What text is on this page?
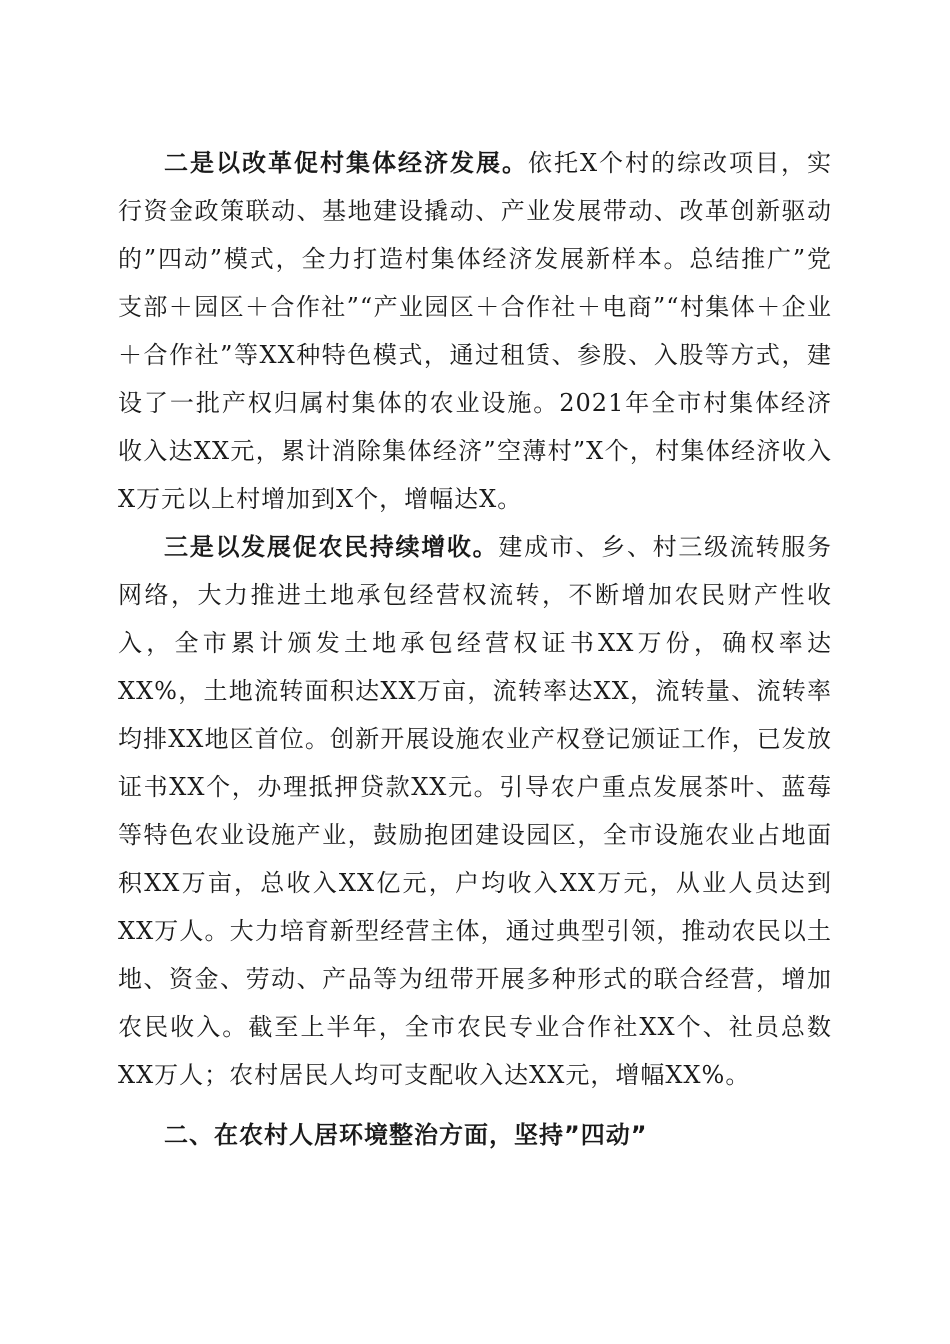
二是以改革促村集体经济发展。依托X个村的综改项目，实行资金政策联动、基地建设撬动、产业发展带动、改革创新驱动的”四动”模式，全力打造村集体经济发展新样本。总结推广”党支部＋园区＋合作社”“产业园区＋合作社＋电商”“村集体＋企业＋合作社”等XX种特色模式，通过租赁、参股、入股等方式，建设了一批产权归属村集体的农业设施。2021年全市村集体经济收入达XX元，累计消除集体经济”空薄村”X个，村集体经济收入X万元以上村增加到X个，增幅达X。

三是以发展促农民持续增收。建成市、乡、村三级流转服务网络，大力推进土地承包经营权流转，不断增加农民财产性收入，全市累计颁发土地承包经营权证书XX万份，确权率达XX%，土地流转面积达XX万亩，流转率达XX，流转量、流转率均排XX地区首位。创新开展设施农业产权登记颁证工作，已发放证书XX个，办理抵押贷款XX元。引导农户重点发展茶叶、蓝莓等特色农业设施产业，鼓励抱团建设园区，全市设施农业占地面积XX万亩，总收入XX亿元，户均收入XX万元，从业人员达到XX万人。大力培育新型经营主体，通过典型引领，推动农民以土地、资金、劳动、产品等为纽带开展多种形式的联合经营，增加农民收入。截至上半年，全市农民专业合作社XX个、社员总数XX万人；农村居民人均可支配收入达XX元，增幅XX%。

二、在农村人居环境整治方面，坚持”四动”
